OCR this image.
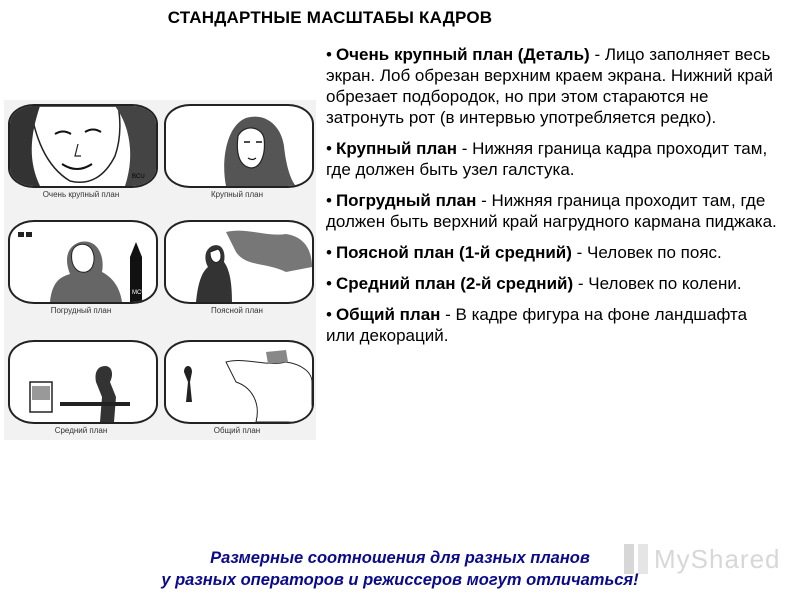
СТАНДАРТНЫЕ МАСШТАБЫ КАДРОВ
BCU
Очень крупный план	Крупный план
MCU
Погрудный план	Поясной план
Средний план	Общий план

• Очень крупный план (Деталь) - Лицо заполняет весь экран. Лоб обрезан верхним краем экрана. Нижний край обрезает подбородок, но при этом стараются не затронуть рот (в интервью употребляется редко).

• Крупный план - Нижняя граница кадра проходит там, где должен быть узел галстука.

• Погрудный план - Нижняя граница проходит там, где должен быть верхний край нагрудного кармана пиджака.

• Поясной план (1-й средний) - Человек по пояс.

• Средний план (2-й средний) - Человек по колени.

• Общий план - В кадре фигура на фоне ландшафта или декораций.

MyShared
Размерные соотношения для разных планов
у разных операторов и режиссеров могут отличаться!
